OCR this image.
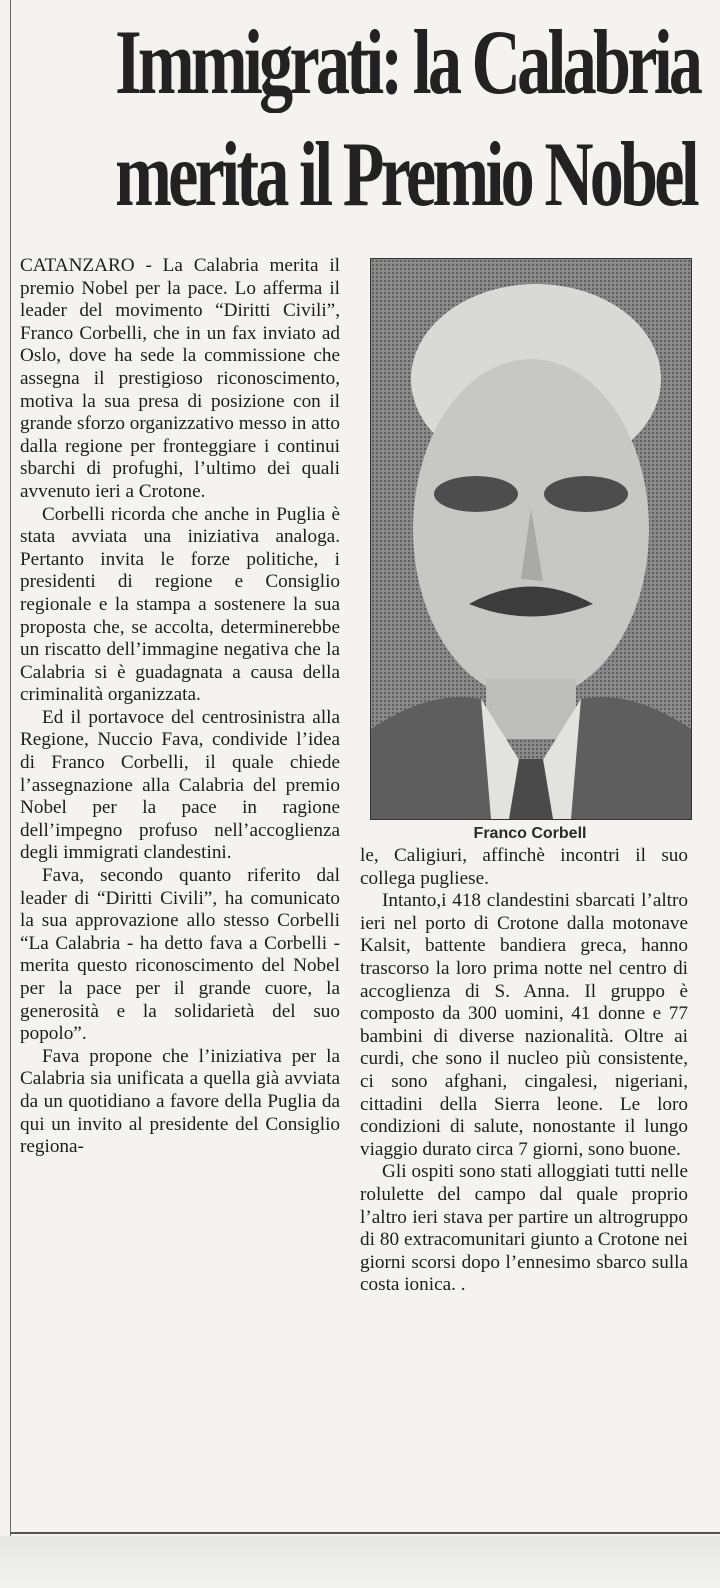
Immigrati: la Calabria
merita il Premio Nobel

CATANZARO - La Calabria merita il premio Nobel per la pace. Lo afferma il leader del movimento “Diritti Civili”, Franco Corbelli, che in un fax inviato ad Oslo, dove ha sede la commissione che assegna il prestigioso riconoscimento, motiva la sua presa di posizione con il grande sforzo organizzativo messo in atto dalla regione per fronteggiare i continui sbarchi di profughi, l’ultimo dei quali avvenuto ieri a Crotone.

Corbelli ricorda che anche in Puglia è stata avviata una iniziativa analoga. Pertanto invita le forze politiche, i presidenti di regione e Consiglio regionale e la stampa a sostenere la sua proposta che, se accolta, determinerebbe un riscatto dell’immagine negativa che la Calabria si è guadagnata a causa della criminalità organizzata.

Ed il portavoce del centrosinistra alla Regione, Nuccio Fava, condivide l’idea di Franco Corbelli, il quale chiede l’assegnazione alla Calabria del premio Nobel per la pace in ragione dell’impegno profuso nell’accoglienza degli immigrati clandestini.

Fava, secondo quanto riferito dal leader di “Diritti Civili”, ha comunicato la sua approvazione allo stesso Corbelli “La Calabria - ha detto fava a Corbelli - merita questo riconoscimento del Nobel per la pace per il grande cuore, la generosità e la solidarietà del suo popolo”.

Fava propone che l’iniziativa per la Calabria sia unificata a quella già avviata da un quotidiano a favore della Puglia da qui un invito al presidente del Consiglio regiona-

Franco Corbell

le, Caligiuri, affinchè incontri il suo collega pugliese.

Intanto,i 418 clandestini sbarcati l’altro ieri nel porto di Crotone dalla motonave Kalsit, battente bandiera greca, hanno trascorso la loro prima notte nel centro di accoglienza di S. Anna. Il gruppo è composto da 300 uomini, 41 donne e 77 bambini di diverse nazionalità. Oltre ai curdi, che sono il nucleo più consistente, ci sono afghani, cingalesi, nigeriani, cittadini della Sierra leone. Le loro condizioni di salute, nonostante il lungo viaggio durato circa 7 giorni, sono buone.

Gli ospiti sono stati alloggiati tutti nelle rolulette del campo dal quale proprio l’altro ieri stava per partire un altrogruppo di 80 extracomunitari giunto a Crotone nei giorni scorsi dopo l’ennesimo sbarco sulla costa ionica. .
